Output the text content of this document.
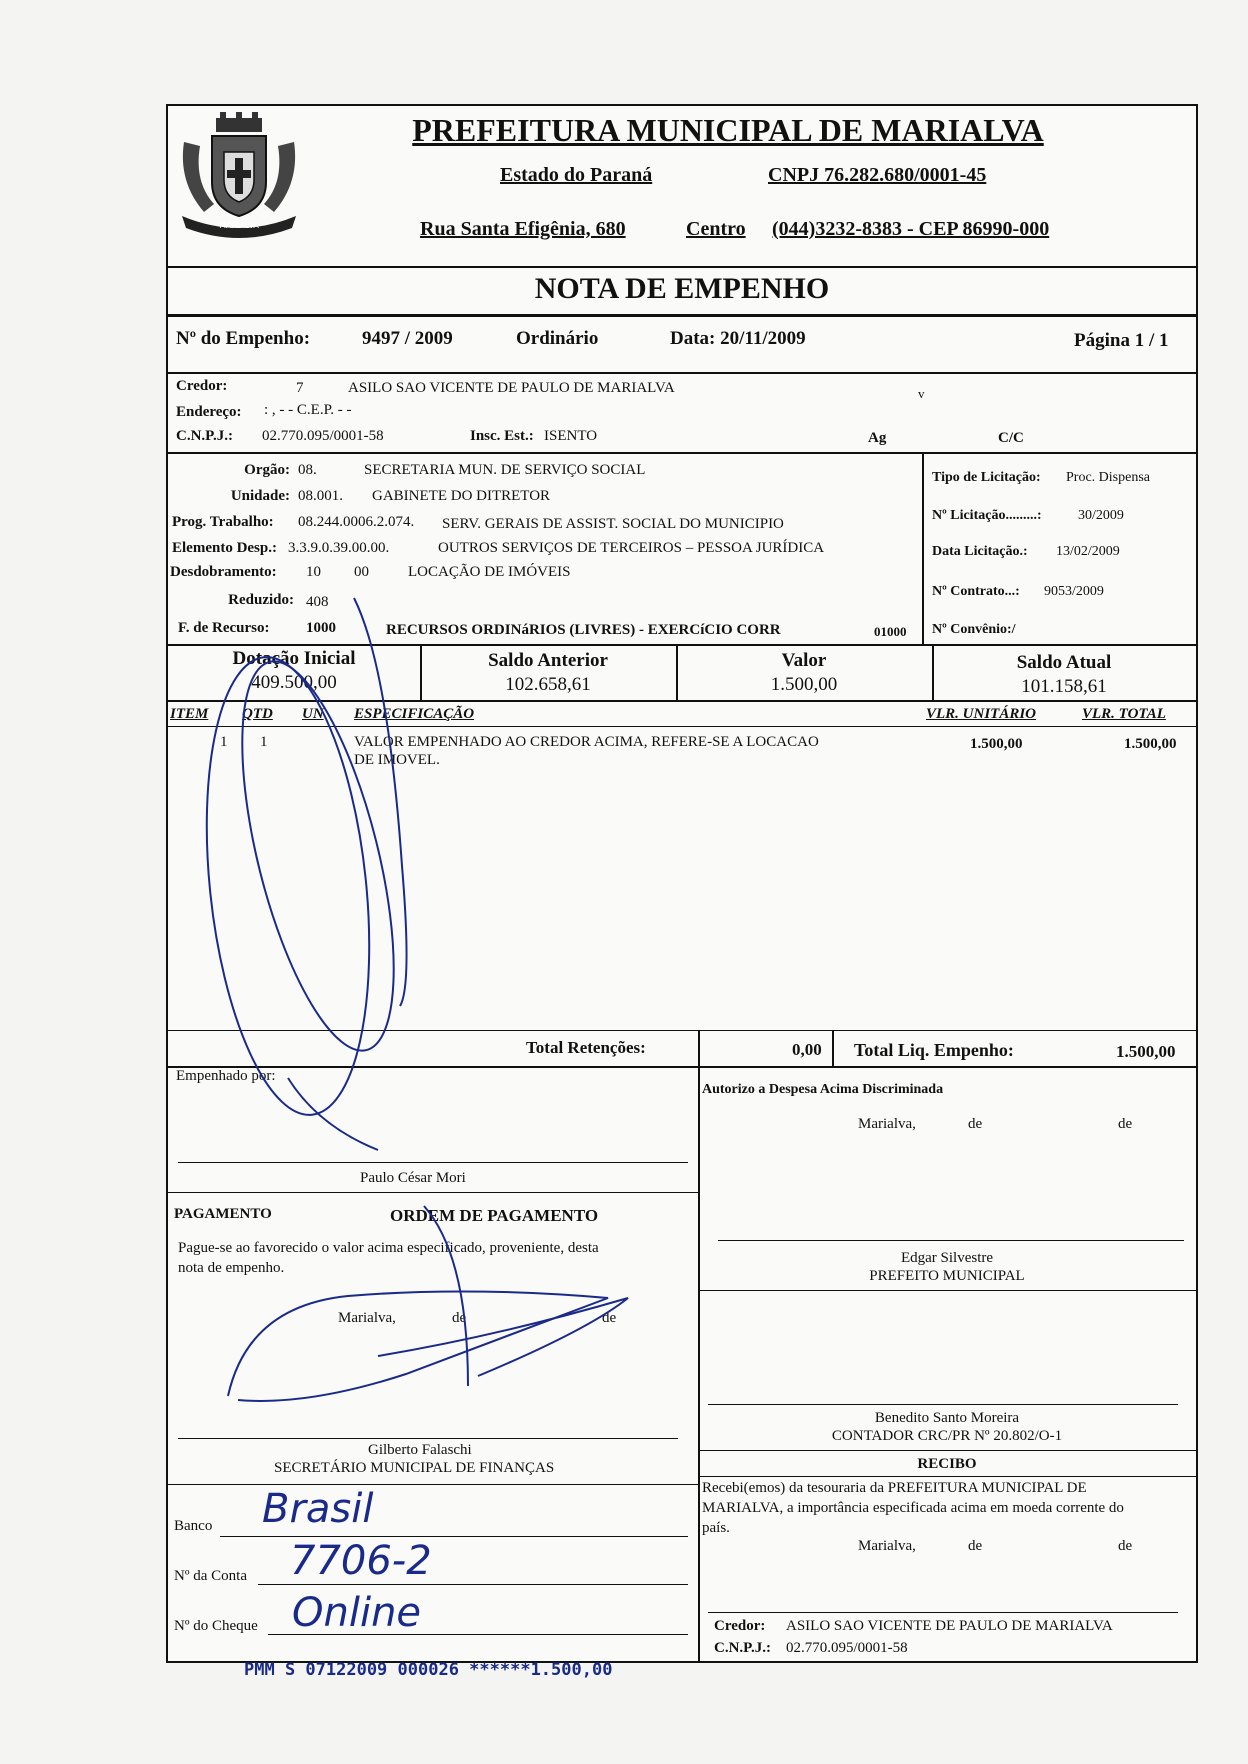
MARIALVA
PREFEITURA MUNICIPAL DE MARIALVA
Estado do Paraná	CNPJ 76.282.680/0001-45
Rua Santa Efigênia, 680	Centro (044)3232-8383 - CEP 86990-000
NOTA DE EMPENHO
Nº do Empenho:	9497 / 2009	Ordinário	Data: 20/11/2009	Página 1 / 1
Credor:	7	ASILO SAO VICENTE DE PAULO DE MARIALVA	v
Endereço: : , - - C.E.P. - -
C.N.P.J.: 02.770.095/0001-58	Insc. Est.: ISENTO	Ag	C/C
Orgão: 08.	SECRETARIA MUN. DE SERVIÇO SOCIAL
Unidade: 08.001. GABINETE DO DITRETOR
Prog. Trabalho: 08.244.0006.2.074. SERV. GERAIS DE ASSIST. SOCIAL DO MUNICIPIO
Elemento Desp.: 3.3.9.0.39.00.00.	OUTROS SERVIÇOS DE TERCEIROS – PESSOA JURÍDICA
Desdobramento: 10 00	LOCAÇÃO DE IMÓVEIS
Reduzido: 408
F. de Recurso: 1000	RECURSOS ORDINáRIOS (LIVRES) - EXERCíCIO CORR	01000
Tipo de Licitação: Proc. Dispensa
Nº Licitação.........:	30/2009
Data Licitação.: 13/02/2009
Nº Contrato...: 9053/2009
Nº Convênio:/
Dotação Inicial
409.500,00
Saldo Anterior
102.658,61
Valor
1.500,00
Saldo Atual
101.158,61
ITEM QTD UN ESPECIFICAÇÃO	VLR. UNITÁRIO	VLR. TOTAL
1 1	VALOR EMPENHADO AO CREDOR ACIMA, REFERE-SE A LOCACAO
DE IMOVEL.
1.500,00	1.500,00
Total Retenções:	0,00 Total Liq. Empenho:	1.500,00
Empenhado por:
Paulo César Mori
PAGAMENTO	ORDEM DE PAGAMENTO
Pague-se ao favorecido o valor acima especificado, proveniente, desta
nota de empenho.
Marialva,	de	de
Gilberto Falaschi
SECRETÁRIO MUNICIPAL DE FINANÇAS
Banco Brasil
Nº da Conta 7706-2
Nº do Cheque Online
Autorizo a Despesa Acima Discriminada
Marialva,	de	de
Edgar Silvestre
PREFEITO MUNICIPAL
Benedito Santo Moreira
CONTADOR CRC/PR Nº 20.802/O-1
RECIBO
Recebi(emos) da tesouraria da PREFEITURA MUNICIPAL DE
MARIALVA, a importância especificada acima em moeda corrente do
país.
Marialva,	de	de
Credor: ASILO SAO VICENTE DE PAULO DE MARIALVA
C.N.P.J.: 02.770.095/0001-58
PMM S 07122009 000026 ******1.500,00
